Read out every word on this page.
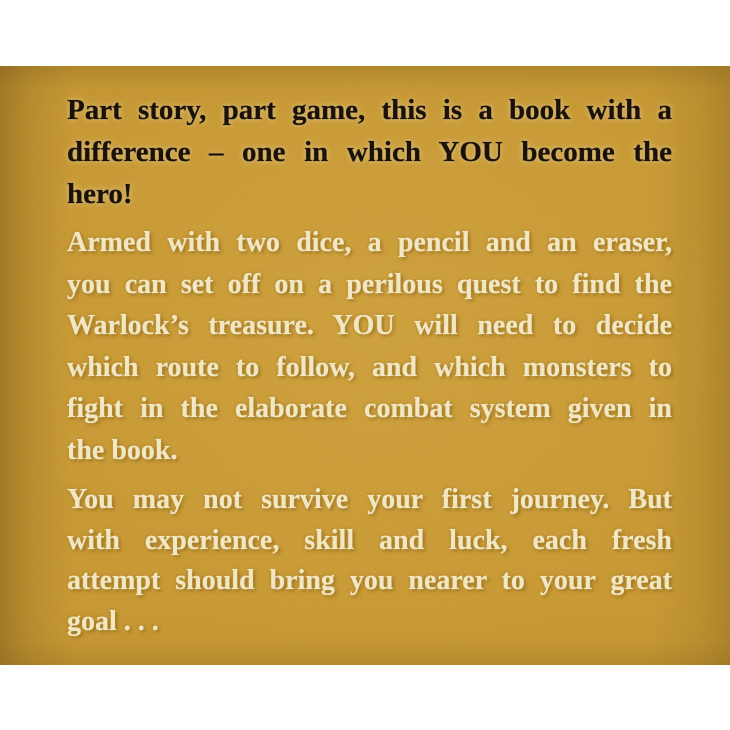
Part story, part game, this is a book with a
difference – one in which YOU become the
hero!
Armed with two dice, a pencil and an eraser,
you can set off on a perilous quest to find the
Warlock’s treasure. YOU will need to decide
which route to follow, and which monsters to
fight in the elaborate combat system given in
the book.
You may not survive your first journey. But
with experience, skill and luck, each fresh
attempt should bring you nearer to your great
goal . . .
